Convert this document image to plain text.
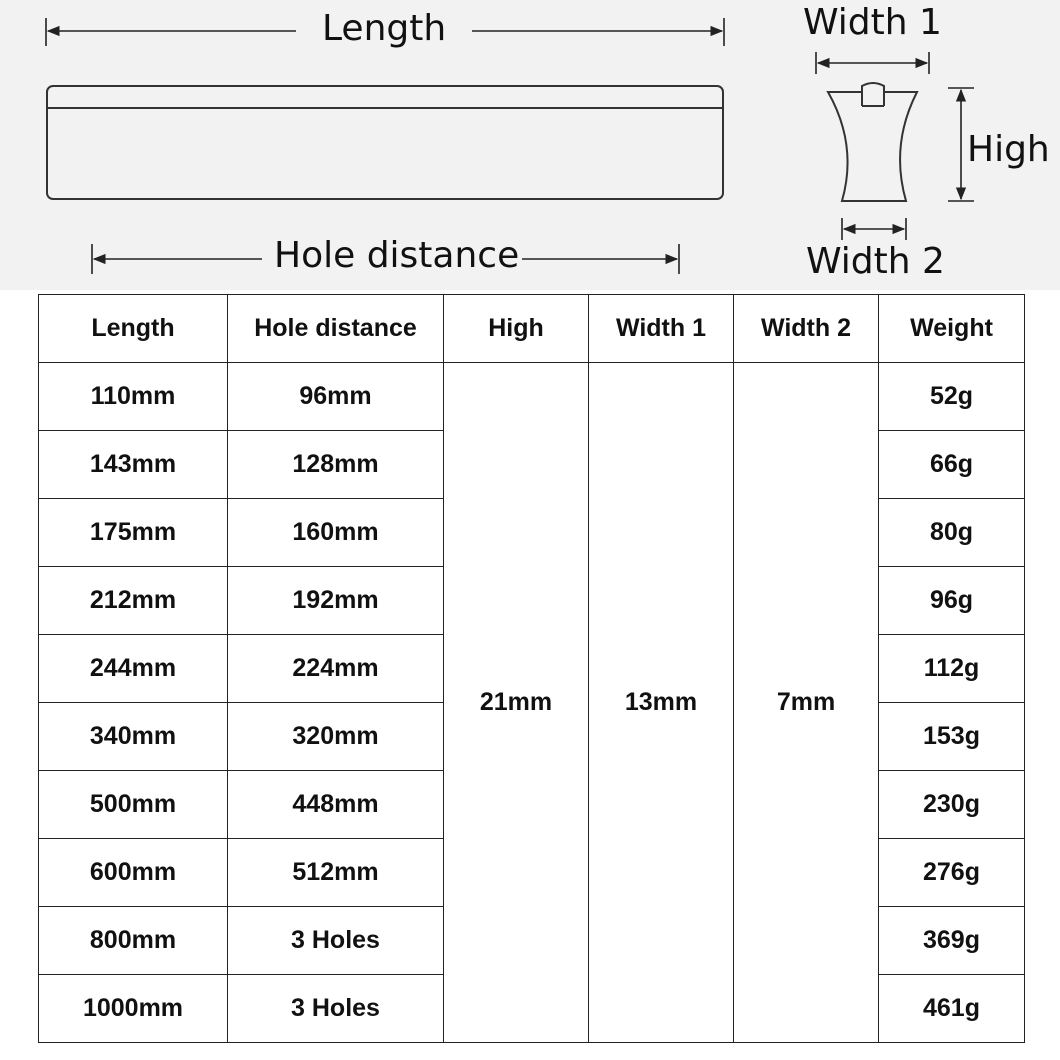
Length
Hole distance
Width 1
Width 2
High
Length	Hole distance	High	Width 1	Width 2	Weight
110mm	96mm	21mm	13mm	7mm	52g
143mm	128mm				66g
175mm	160mm				80g
212mm	192mm				96g
244mm	224mm				112g
340mm	320mm				153g
500mm	448mm				230g
600mm	512mm				276g
800mm	3 Holes				369g
1000mm	3 Holes				461g
